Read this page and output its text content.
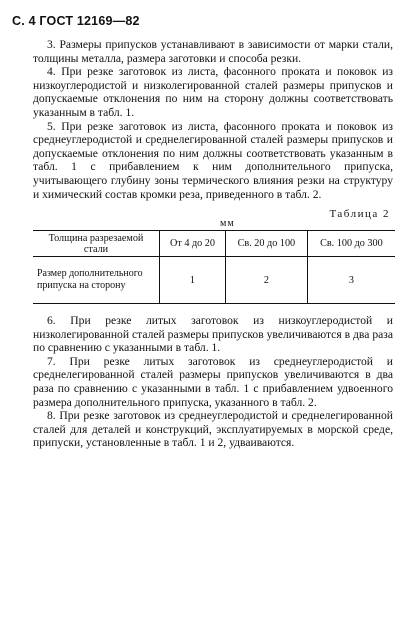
С. 4 ГОСТ 12169—82

3. Размеры припусков устанавливают в зависимости от марки стали, толщины металла, размера заготовки и способа резки.

4. При резке заготовок из листа, фасонного проката и поковок из низкоуглеродистой и низколегированной сталей размеры припусков и допускаемые отклонения по ним на сторону должны соответствовать указанным в табл. 1.

5. При резке заготовок из листа, фасонного проката и поковок из среднеуглеродистой и среднелегированной сталей размеры припусков и допускаемые отклонения по ним должны соответствовать указанным в табл. 1 с прибавлением к ним дополнительного припуска, учитывающего глубину зоны термического влияния резки на структуру и химический состав кромки реза, приведенного в табл. 2.

Таблица 2
мм
Толщина разрезаемой стали	От 4 до 20	Св. 20 до 100	Св. 100 до 300
Размер дополнительного припуска на сторону	1	2	3

6. При резке литых заготовок из низкоуглеродистой и низколегированной сталей размеры припусков увеличиваются в два раза по сравнению с указанными в табл. 1.

7. При резке литых заготовок из среднеуглеродистой и среднелегированной сталей размеры припусков увеличиваются в два раза по сравнению с указанными в табл. 1 с прибавлением удвоенного размера дополнительного припуска, указанного в табл. 2.

8. При резке заготовок из среднеуглеродистой и среднелегированной сталей для деталей и конструкций, эксплуатируемых в морской среде, припуски, установленные в табл. 1 и 2, удваиваются.
